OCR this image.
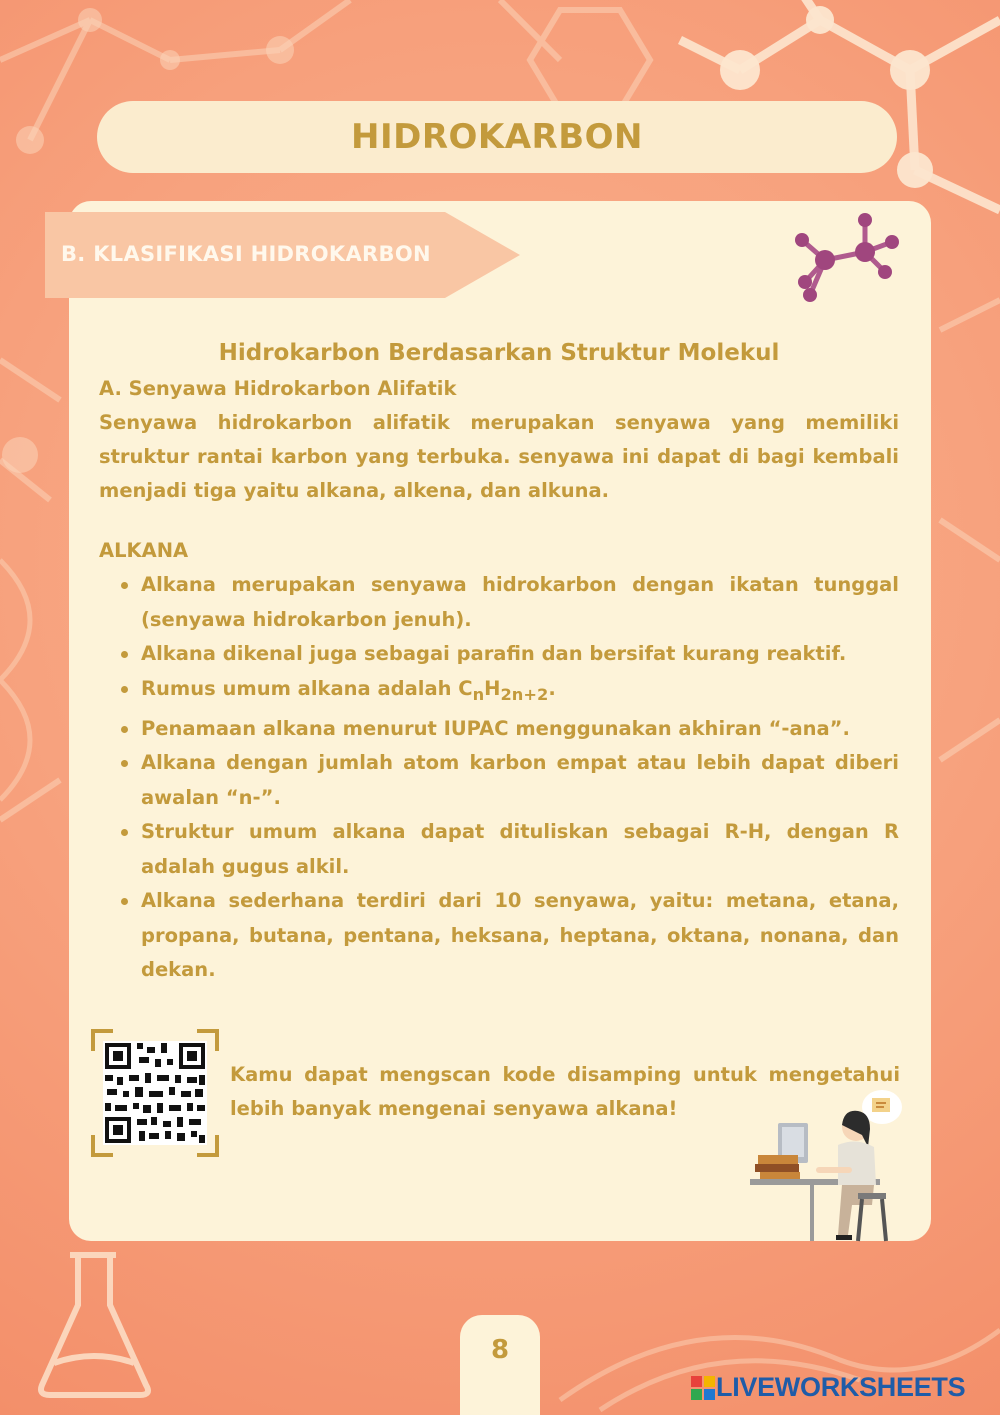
HIDROKARBON
B. KLASIFIKASI HIDROKARBON

Hidrokarbon Berdasarkan Struktur Molekul

A. Senyawa Hidrokarbon Alifatik

Senyawa hidrokarbon alifatik merupakan senyawa yang memiliki struktur rantai karbon yang terbuka. senyawa ini dapat di bagi kembali menjadi tiga yaitu alkana, alkena, dan alkuna.

ALKANA

Alkana merupakan senyawa hidrokarbon dengan ikatan tunggal (senyawa hidrokarbon jenuh).
Alkana dikenal juga sebagai parafin dan bersifat kurang reaktif.
Rumus umum alkana adalah $C_nH_{2n+2}$.
Penamaan alkana menurut IUPAC menggunakan akhiran “-ana”.
Alkana dengan jumlah atom karbon empat atau lebih dapat diberi awalan “n-”.
Struktur umum alkana dapat dituliskan sebagai R-H, dengan R adalah gugus alkil.
Alkana sederhana terdiri dari 10 senyawa, yaitu: metana, etana, propana, butana, pentana, heksana, heptana, oktana, nonana, dan dekan.

Kamu dapat mengscan kode disamping untuk mengetahui lebih banyak mengenai senyawa alkana!

8
LIVEWORKSHEETS
